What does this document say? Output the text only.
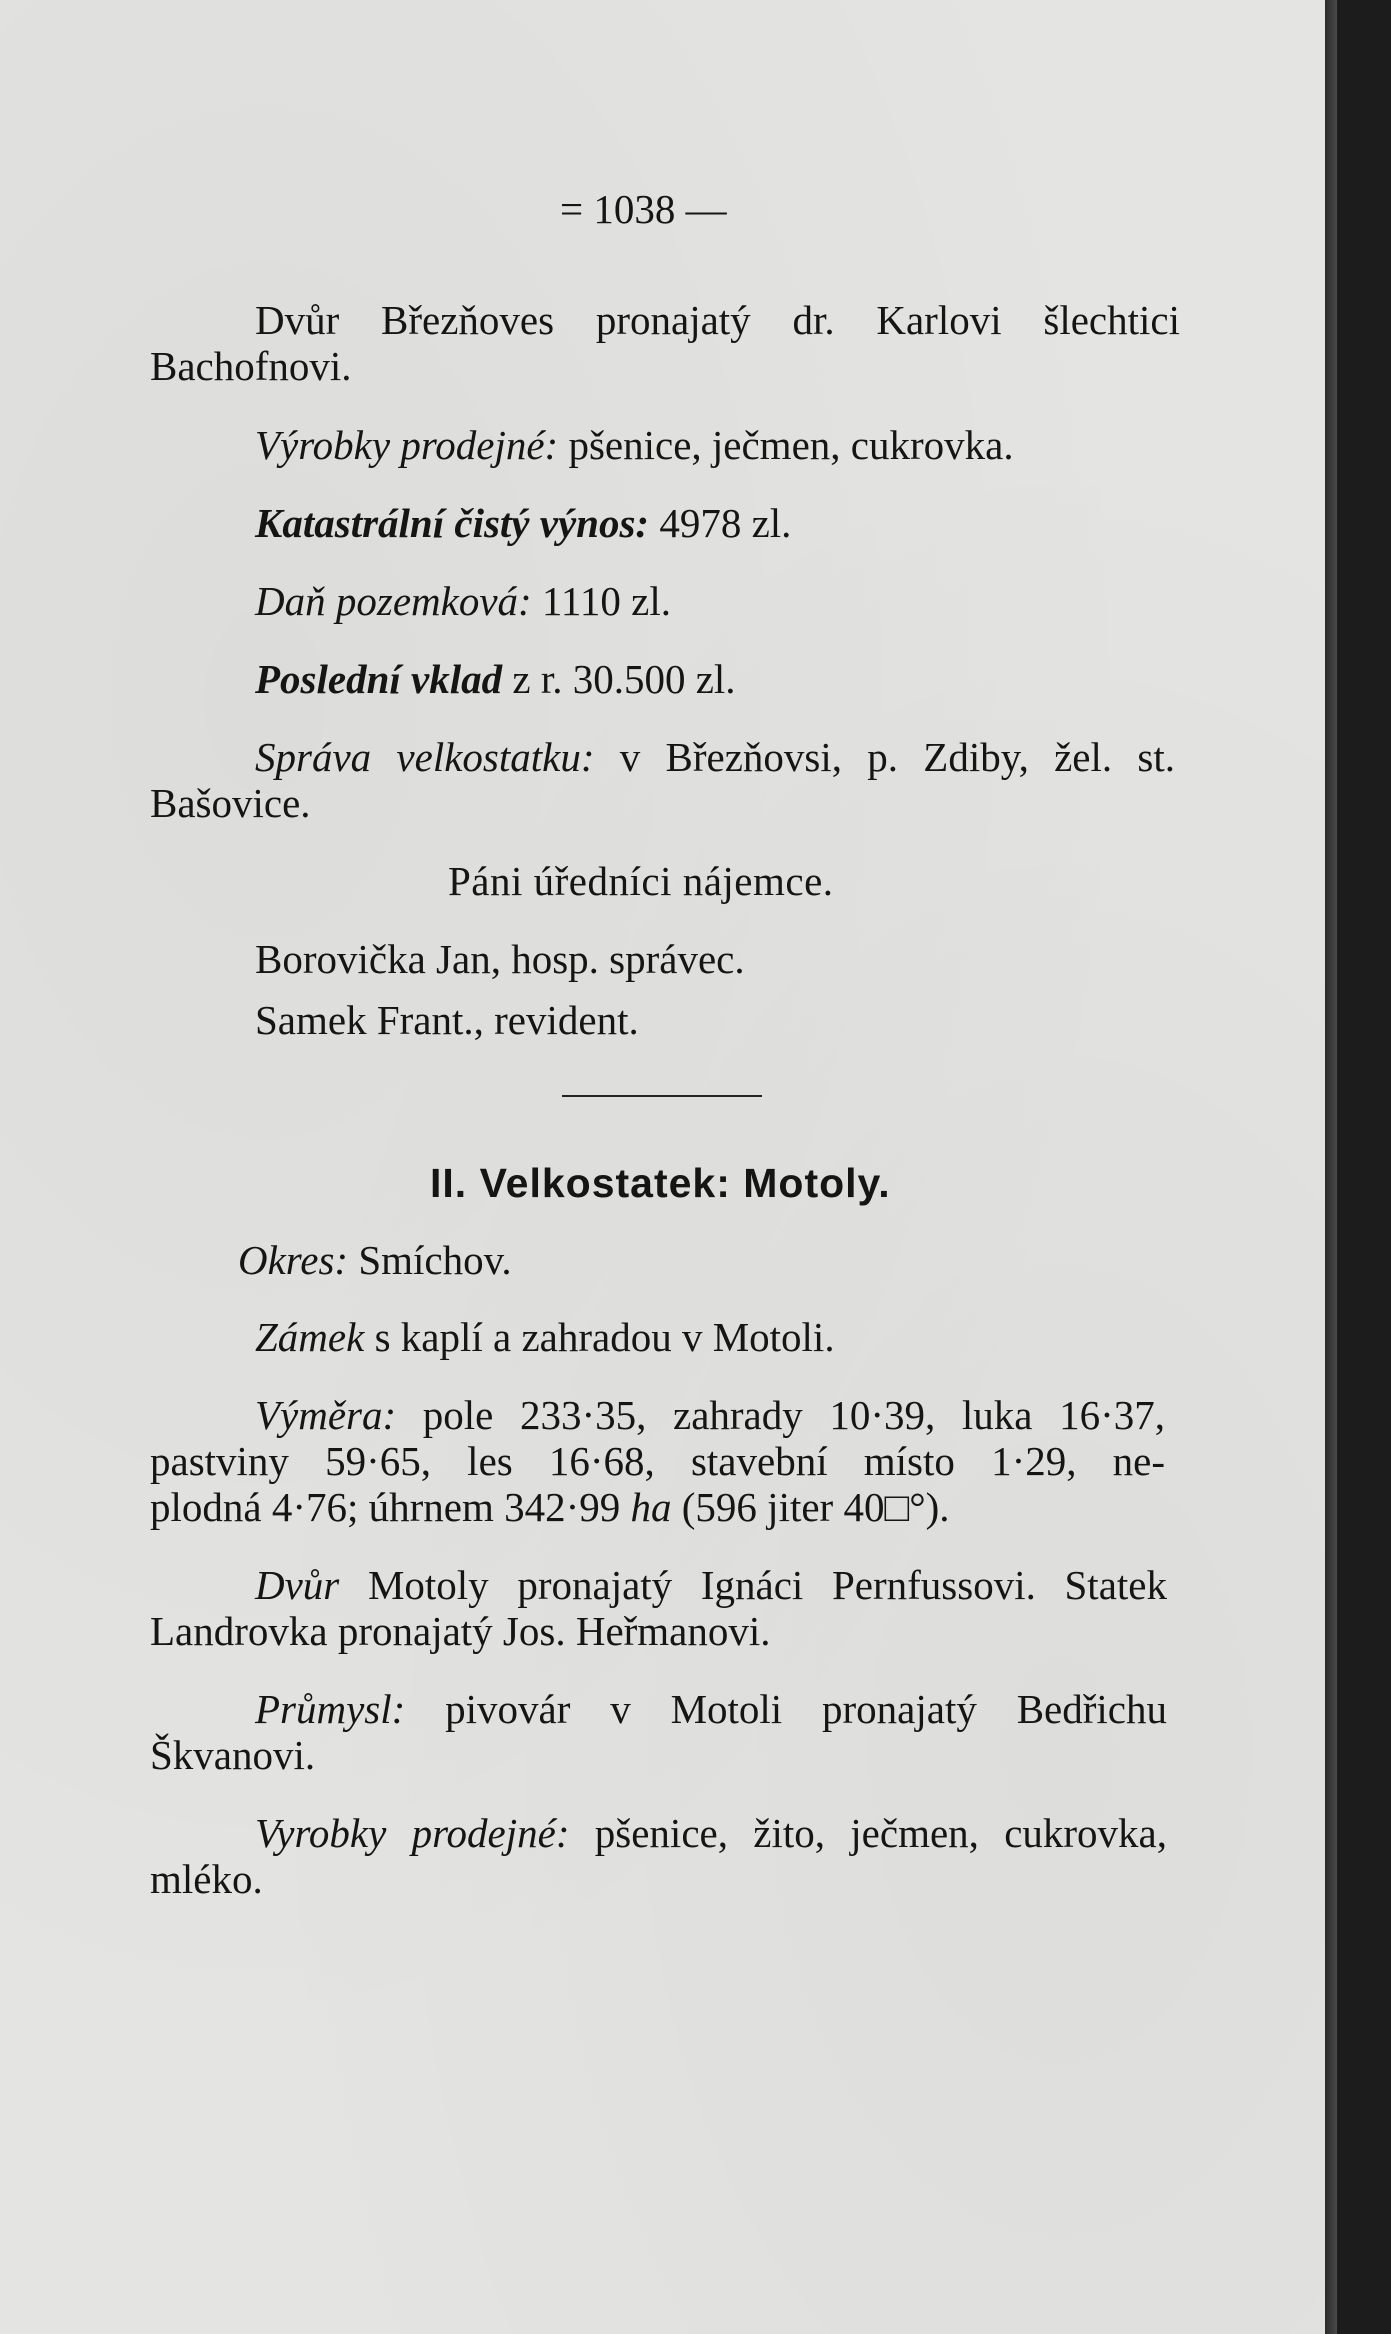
= 1038 —
Dvůr Březňoves pronajatý dr. Karlovi šlechtici
Bachofnovi.
Výrobky prodejné: pšenice, ječmen, cukrovka.
Katastrální čistý výnos: 4978 zl.
Daň pozemková: 1110 zl.
Poslední vklad z r. 30.500 zl.
Správa velkostatku: v Březňovsi, p. Zdiby, žel. st.
Bašovice.
Páni úředníci nájemce.
Borovička Jan, hosp. správec.
Samek Frant., revident.
II. Velkostatek: Motoly.
Okres: Smíchov.
Zámek s kaplí a zahradou v Motoli.
Výměra: pole 233·35, zahrady 10·39, luka 16·37,
pastviny 59·65, les 16·68, stavební místo 1·29, ne-
plodná 4·76; úhrnem 342·99 ha (596 jiter 40□°).
Dvůr Motoly pronajatý Ignáci Pernfussovi. Statek
Landrovka pronajatý Jos. Heřmanovi.
Průmysl: pivovár v Motoli pronajatý Bedřichu
Škvanovi.
Vyrobky prodejné: pšenice, žito, ječmen, cukrovka,
mléko.
